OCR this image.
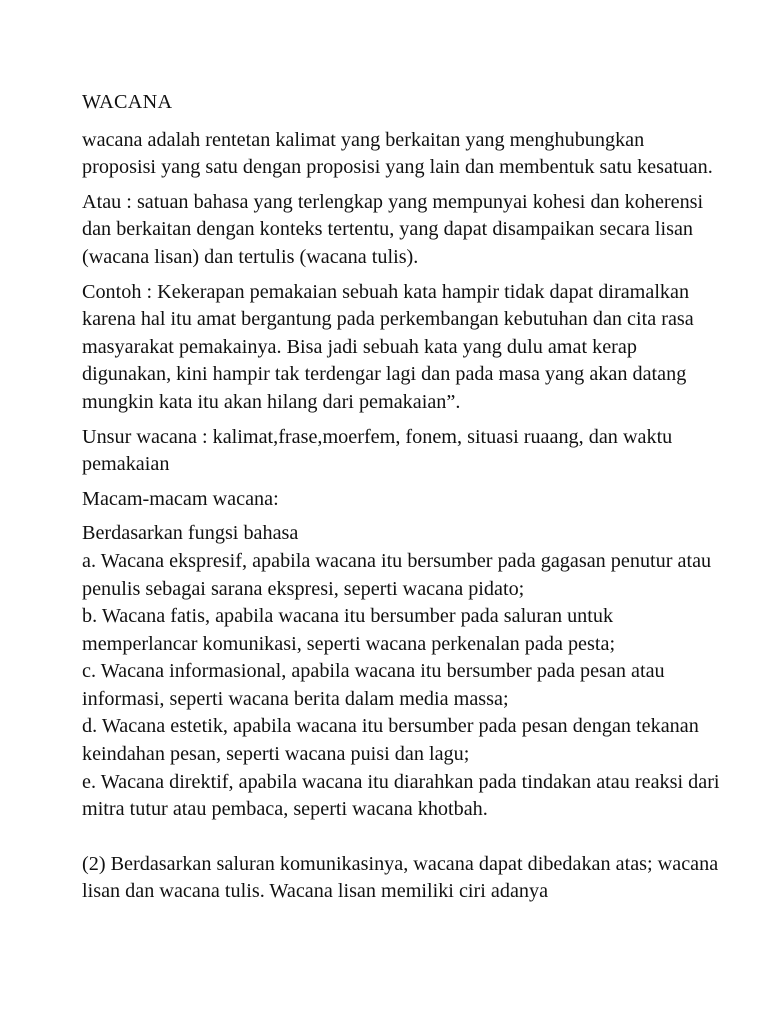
WACANA

wacana adalah rentetan kalimat yang berkaitan yang menghubungkan proposisi yang satu dengan proposisi yang lain dan membentuk satu kesatuan.

Atau : satuan bahasa yang terlengkap yang mempunyai kohesi dan koherensi dan berkaitan dengan konteks tertentu, yang dapat disampaikan secara lisan (wacana lisan) dan tertulis (wacana tulis).

Contoh : Kekerapan pemakaian sebuah kata hampir tidak dapat diramalkan karena hal itu amat bergantung pada perkembangan kebutuhan dan cita rasa masyarakat pemakainya. Bisa jadi sebuah kata yang dulu amat kerap digunakan, kini hampir tak terdengar lagi dan pada masa yang akan datang mungkin kata itu akan hilang dari pemakaian”.

Unsur wacana : kalimat,frase,moerfem, fonem, situasi ruaang, dan waktu pemakaian

Macam-macam wacana:

Berdasarkan fungsi bahasa

a. Wacana ekspresif, apabila wacana itu bersumber pada gagasan penutur atau penulis sebagai sarana ekspresi, seperti wacana pidato;
b. Wacana fatis, apabila wacana itu bersumber pada saluran untuk memperlancar komunikasi, seperti wacana perkenalan pada pesta;
c. Wacana informasional, apabila wacana itu bersumber pada pesan atau informasi, seperti wacana berita dalam media massa;
d. Wacana estetik, apabila wacana itu bersumber pada pesan dengan tekanan keindahan pesan, seperti wacana puisi dan lagu;
e. Wacana direktif, apabila wacana itu diarahkan pada tindakan atau reaksi dari mitra tutur atau pembaca, seperti wacana khotbah.

(2) Berdasarkan saluran komunikasinya, wacana dapat dibedakan atas; wacana lisan dan wacana tulis. Wacana lisan memiliki ciri adanya
